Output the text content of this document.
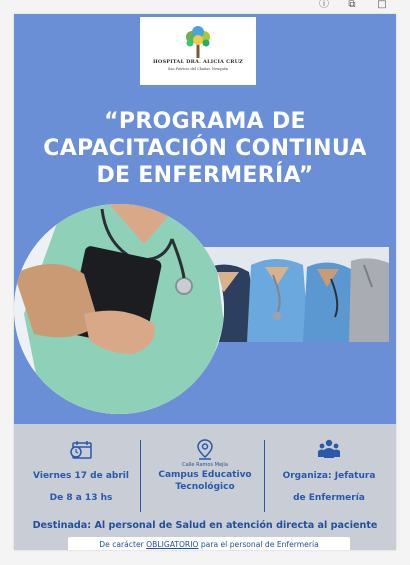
ⓘ ⧉ □
HOSPITAL DRA. ALICIA CRUZ
San Patricio del Chañar, Neuquén
“PROGRAMA DE
CAPACITACIÓN CONTINUA
DE ENFERMERÍA”
Viernes 17 de abril
De 8 a 13 hs
Calle Ramos Mejía
Campus Educativo
Tecnológico
Organiza: Jefatura
de Enfermería
Destinada: Al personal de Salud en atención directa al paciente
De carácter OBLIGATORIO para el personal de Enfermería
